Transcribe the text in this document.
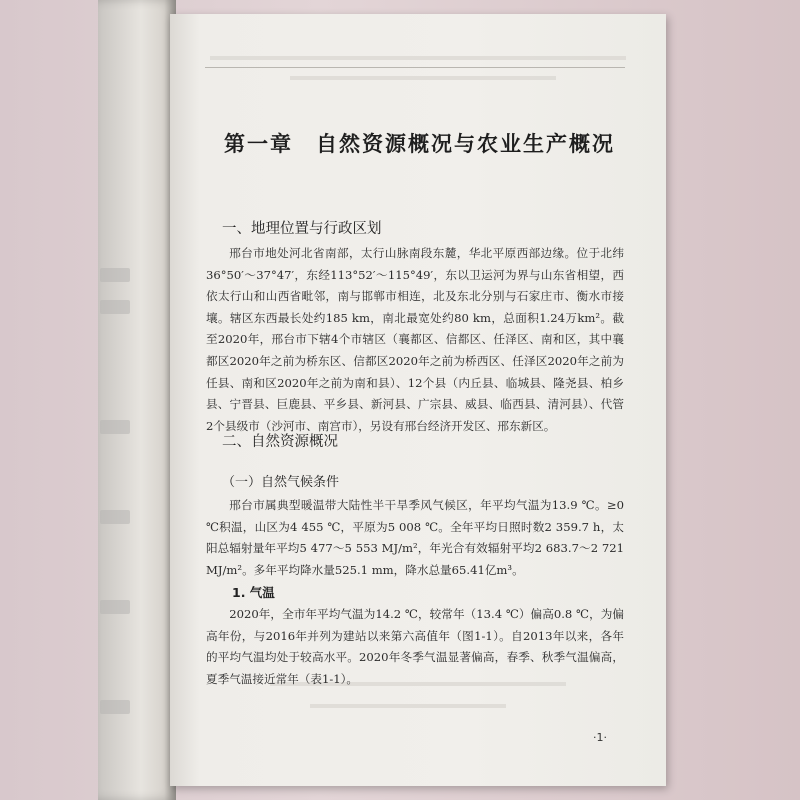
第一章　自然资源概况与农业生产概况
一、地理位置与行政区划

邢台市地处河北省南部，太行山脉南段东麓，华北平原西部边缘。位于北纬36°50′～37°47′，东经113°52′～115°49′，东以卫运河为界与山东省相望，西依太行山和山西省毗邻，南与邯郸市相连，北及东北分别与石家庄市、衡水市接壤。辖区东西最长处约185 km，南北最宽处约80 km，总面积1.24万km²。截至2020年，邢台市下辖4个市辖区（襄都区、信都区、任泽区、南和区，其中襄都区2020年之前为桥东区、信都区2020年之前为桥西区、任泽区2020年之前为任县、南和区2020年之前为南和县）、12个县（内丘县、临城县、隆尧县、柏乡县、宁晋县、巨鹿县、平乡县、新河县、广宗县、威县、临西县、清河县）、代管2个县级市（沙河市、南宫市），另设有邢台经济开发区、邢东新区。

二、自然资源概况
（一）自然气候条件

邢台市属典型暖温带大陆性半干旱季风气候区，年平均气温为13.9 ℃。≥0 ℃积温，山区为4 455 ℃，平原为5 008 ℃。全年平均日照时数2 359.7 h，太阳总辐射量年平均5 477～5 553 MJ/m²，年光合有效辐射平均2 683.7～2 721 MJ/m²。多年平均降水量525.1 mm，降水总量65.41亿m³。

1. 气温

2020年，全市年平均气温为14.2 ℃，较常年（13.4 ℃）偏高0.8 ℃，为偏高年份，与2016年并列为建站以来第六高值年（图1-1）。自2013年以来，各年的平均气温均处于较高水平。2020年冬季气温显著偏高，春季、秋季气温偏高，夏季气温接近常年（表1-1）。

·1·
